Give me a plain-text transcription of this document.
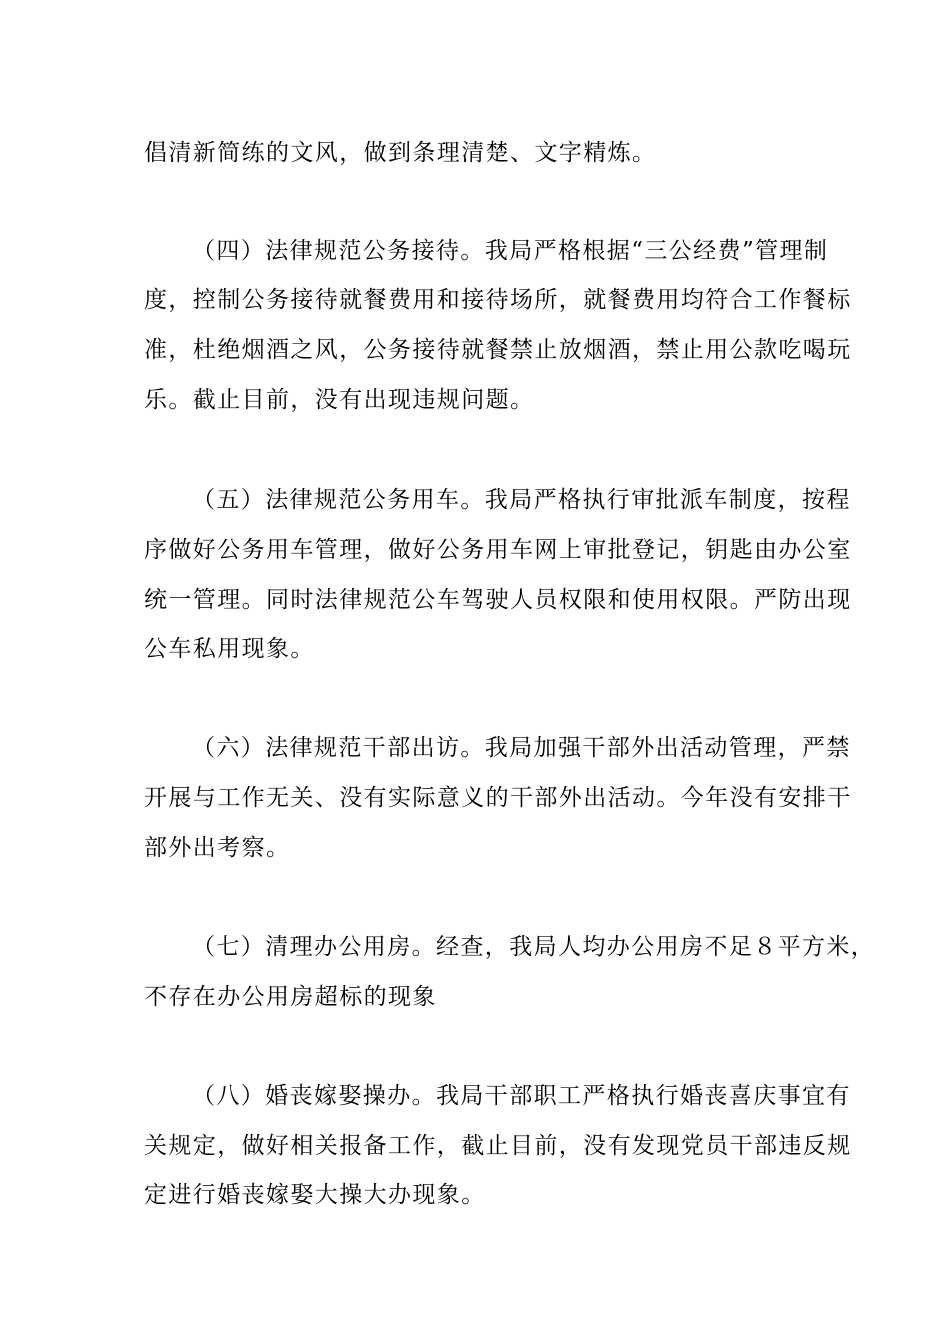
倡清新简练的文风，做到条理清楚、文字精炼。
（四）法律规范公务接待。我局严格根据“三公经费”管理制
度，控制公务接待就餐费用和接待场所，就餐费用均符合工作餐标
准，杜绝烟酒之风，公务接待就餐禁止放烟酒，禁止用公款吃喝玩
乐。截止目前，没有出现违规问题。
（五）法律规范公务用车。我局严格执行审批派车制度，按程
序做好公务用车管理，做好公务用车网上审批登记，钥匙由办公室
统一管理。同时法律规范公车驾驶人员权限和使用权限。严防出现
公车私用现象。
（六）法律规范干部出访。我局加强干部外出活动管理，严禁
开展与工作无关、没有实际意义的干部外出活动。今年没有安排干
部外出考察。
（七）清理办公用房。经查，我局人均办公用房不足８平方米，
不存在办公用房超标的现象
（八）婚丧嫁娶操办。我局干部职工严格执行婚丧喜庆事宜有
关规定，做好相关报备工作，截止目前，没有发现党员干部违反规
定进行婚丧嫁娶大操大办现象。
